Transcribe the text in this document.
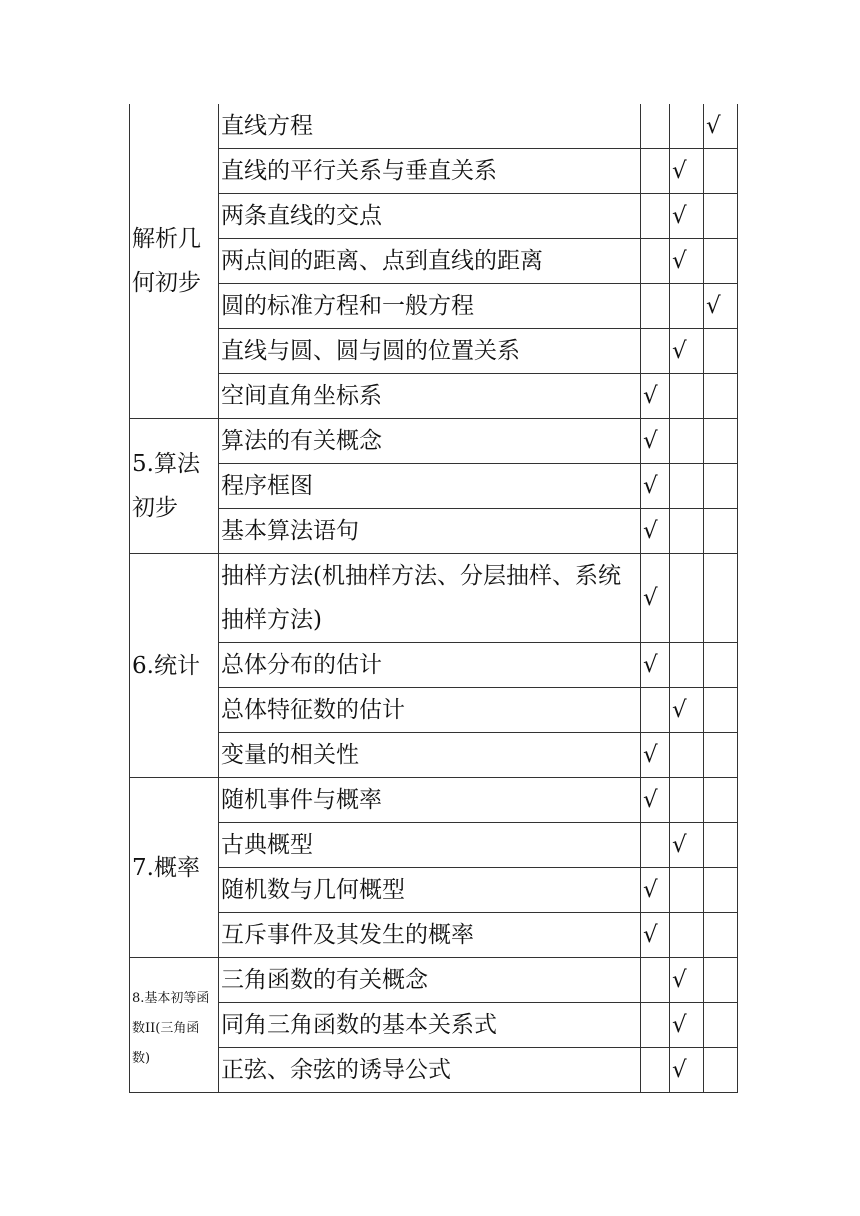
解析几何初步	直线方程			√
	直线的平行关系与垂直关系		√	
	两条直线的交点		√	
	两点间的距离、点到直线的距离		√	
	圆的标准方程和一般方程			√
	直线与圆、圆与圆的位置关系		√	
	空间直角坐标系	√		
5.算法初步	算法的有关概念	√		
	程序框图	√		
	基本算法语句	√		
6.统计	抽样方法(机抽样方法、分层抽样、系统抽样方法)	√		
	总体分布的估计	√		
	总体特征数的估计		√	
	变量的相关性	√		
7.概率	随机事件与概率	√		
	古典概型		√	
	随机数与几何概型	√		
	互斥事件及其发生的概率	√		
8.基本初等函数II(三角函数)	三角函数的有关概念		√	
	同角三角函数的基本关系式		√	
	正弦、余弦的诱导公式		√	
